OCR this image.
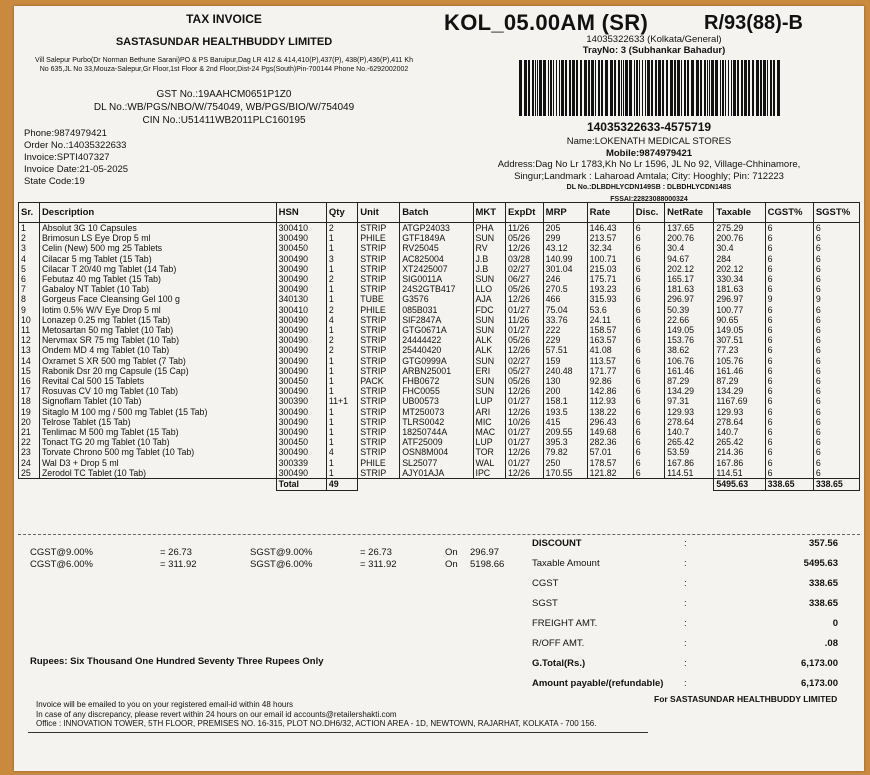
TAX INVOICE
SASTASUNDAR HEALTHBUDDY LIMITED
Vill Salepur Purbo(Dr Norman Bethune Sarani)PO & PS Baruipur,Dag LR 412 & 414,410(P),437(P), 438(P),436(P),411 Kh No 635,JL No 33,Mouza-Salepur,Gr Floor,1st Floor & 2nd Floor,Dist-24 Pgs(South)Pin-700144 Phone No.-6292002002
GST No.:19AAHCM0651P1Z0
DL No.:WB/PGS/NBO/W/754049, WB/PGS/BIO/W/754049
CIN No.:U51411WB2011PLC160195
Phone:9874979421
Order No.:14035322633
Invoice:SPTI407327
Invoice Date:21-05-2025
State Code:19
KOL_05.00AM (SR)	R/93(88)-B
14035322633 (Kolkata/General)
TrayNo: 3 (Subhankar Bahadur)
14035322633-4575719
Name:LOKENATH MEDICAL STORES
Mobile:9874979421
Address:Dag No Lr 1783,Kh No Lr 1596, JL No 92, Village-Chhinamore,
Singur;Landmark : Laharoad Amtala; City: Hooghly; Pin: 712223
DL No.:DLBDHLYCDN149SB : DLBDHLYCDN148S
FSSAI:22823088000324
Sr.	Description	HSN	Qty	Unit	Batch	MKT	ExpDt	MRP	Rate	Disc.	NetRate	Taxable	CGST%	SGST%
1	Absolut 3G 10 Capsules	300410	2	STRIP	ATGP24033	PHA	11/26	205	146.43	6	137.65	275.29	6	6
2	Brimosun LS Eye Drop 5 ml	300490	1	PHILE	GTF1849A	SUN	05/26	299	213.57	6	200.76	200.76	6	6
3	Celin (New) 500 mg 25 Tablets	300450	1	STRIP	RV25045	RV	12/26	43.12	32.34	6	30.4	30.4	6	6
4	Cilacar 5 mg Tablet (15 Tab)	300490	3	STRIP	AC825004	J.B	03/28	140.99	100.71	6	94.67	284	6	6
5	Cilacar T 20/40 mg Tablet (14 Tab)	300490	1	STRIP	XT2425007	J.B	02/27	301.04	215.03	6	202.12	202.12	6	6
6	Febutaz 40 mg Tablet (15 Tab)	300490	2	STRIP	SIG0011A	SUN	06/27	246	175.71	6	165.17	330.34	6	6
7	Gabaloy NT Tablet (10 Tab)	300490	1	STRIP	24S2GTB417	LLO	05/26	270.5	193.23	6	181.63	181.63	6	6
8	Gorgeus Face Cleansing Gel 100 g	340130	1	TUBE	G3576	AJA	12/26	466	315.93	6	296.97	296.97	9	9
9	Iotim 0.5% W/V Eye Drop 5 ml	300410	2	PHILE	085B031	FDC	01/27	75.04	53.6	6	50.39	100.77	6	6
10	Lonazep 0.25 mg Tablet (15 Tab)	300490	4	STRIP	SIF2847A	SUN	11/26	33.76	24.11	6	22.66	90.65	6	6
11	Metosartan 50 mg Tablet (10 Tab)	300490	1	STRIP	GTG0671A	SUN	01/27	222	158.57	6	149.05	149.05	6	6
12	Nervmax SR 75 mg Tablet (10 Tab)	300490	2	STRIP	24444422	ALK	05/26	229	163.57	6	153.76	307.51	6	6
13	Ondem MD 4 mg Tablet (10 Tab)	300490	2	STRIP	25440420	ALK	12/26	57.51	41.08	6	38.62	77.23	6	6
14	Oxramet S XR 500 mg Tablet (7 Tab)	300490	1	STRIP	GTG0999A	SUN	02/27	159	113.57	6	106.76	105.76	6	6
15	Rabonik Dsr 20 mg Capsule (15 Cap)	300490	1	STRIP	ARBN25001	ERI	05/27	240.48	171.77	6	161.46	161.46	6	6
16	Revital Cal 500 15 Tablets	300450	1	PACK	FHB0672	SUN	05/26	130	92.86	6	87.29	87.29	6	6
17	Rosuvas CV 10 mg Tablet (10 Tab)	300490	1	STRIP	FHC0055	SUN	12/26	200	142.86	6	134.29	134.29	6	6
18	Signoflam Tablet (10 Tab)	300390	11+1	STRIP	UB00573	LUP	01/27	158.1	112.93	6	97.31	1167.69	6	6
19	Sitaglo M 100 mg / 500 mg Tablet (15 Tab)	300490	1	STRIP	MT250073	ARI	12/26	193.5	138.22	6	129.93	129.93	6	6
20	Telrose Tablet (15 Tab)	300490	1	STRIP	TLRS0042	MIC	10/26	415	296.43	6	278.64	278.64	6	6
21	Tenlimac M 500 mg Tablet (15 Tab)	300490	1	STRIP	18250744A	MAC	01/27	209.55	149.68	6	140.7	140.7	6	6
22	Tonact TG 20 mg Tablet (10 Tab)	300450	1	STRIP	ATF25009	LUP	01/27	395.3	282.36	6	265.42	265.42	6	6
23	Torvate Chrono 500 mg Tablet (10 Tab)	300490	4	STRIP	OSN8M004	TOR	12/26	79.82	57.01	6	53.59	214.36	6	6
24	Wal D3 + Drop 5 ml	300339	1	PHILE	SL25077	WAL	01/27	250	178.57	6	167.86	167.86	6	6
25	Zerodol TC Tablet (10 Tab)	300490	1	STRIP	AJY01AJA	IPC	12/26	170.55	121.82	6	114.51	114.51	6	6
		Total	49									5495.63	338.65	338.65
CGST@9.00%	= 26.73	SGST@9.00%	= 26.73	On 296.97
CGST@6.00%	= 311.92	SGST@6.00%	= 311.92	On 5198.66
DISCOUNT	:	357.56
Taxable Amount	:	5495.63
CGST	:	338.65
SGST	:	338.65
FREIGHT AMT.	:	0
R/OFF AMT.	:	.08
G.Total(Rs.)	:	6,173.00
Amount payable/(refundable)	:	6,173.00
Rupees: Six Thousand One Hundred Seventy Three Rupees Only
For SASTASUNDAR HEALTHBUDDY LIMITED
Invoice will be emailed to you on your registered email-id within 48 hours
In case of any discrepancy, please revert within 24 hours on our email id accounts@retailershakti.com
Office : INNOVATION TOWER, 5TH FLOOR, PREMISES NO. 16-315, PLOT NO.DH6/32, ACTION AREA - 1D, NEWTOWN, RAJARHAT, KOLKATA - 700 156.
